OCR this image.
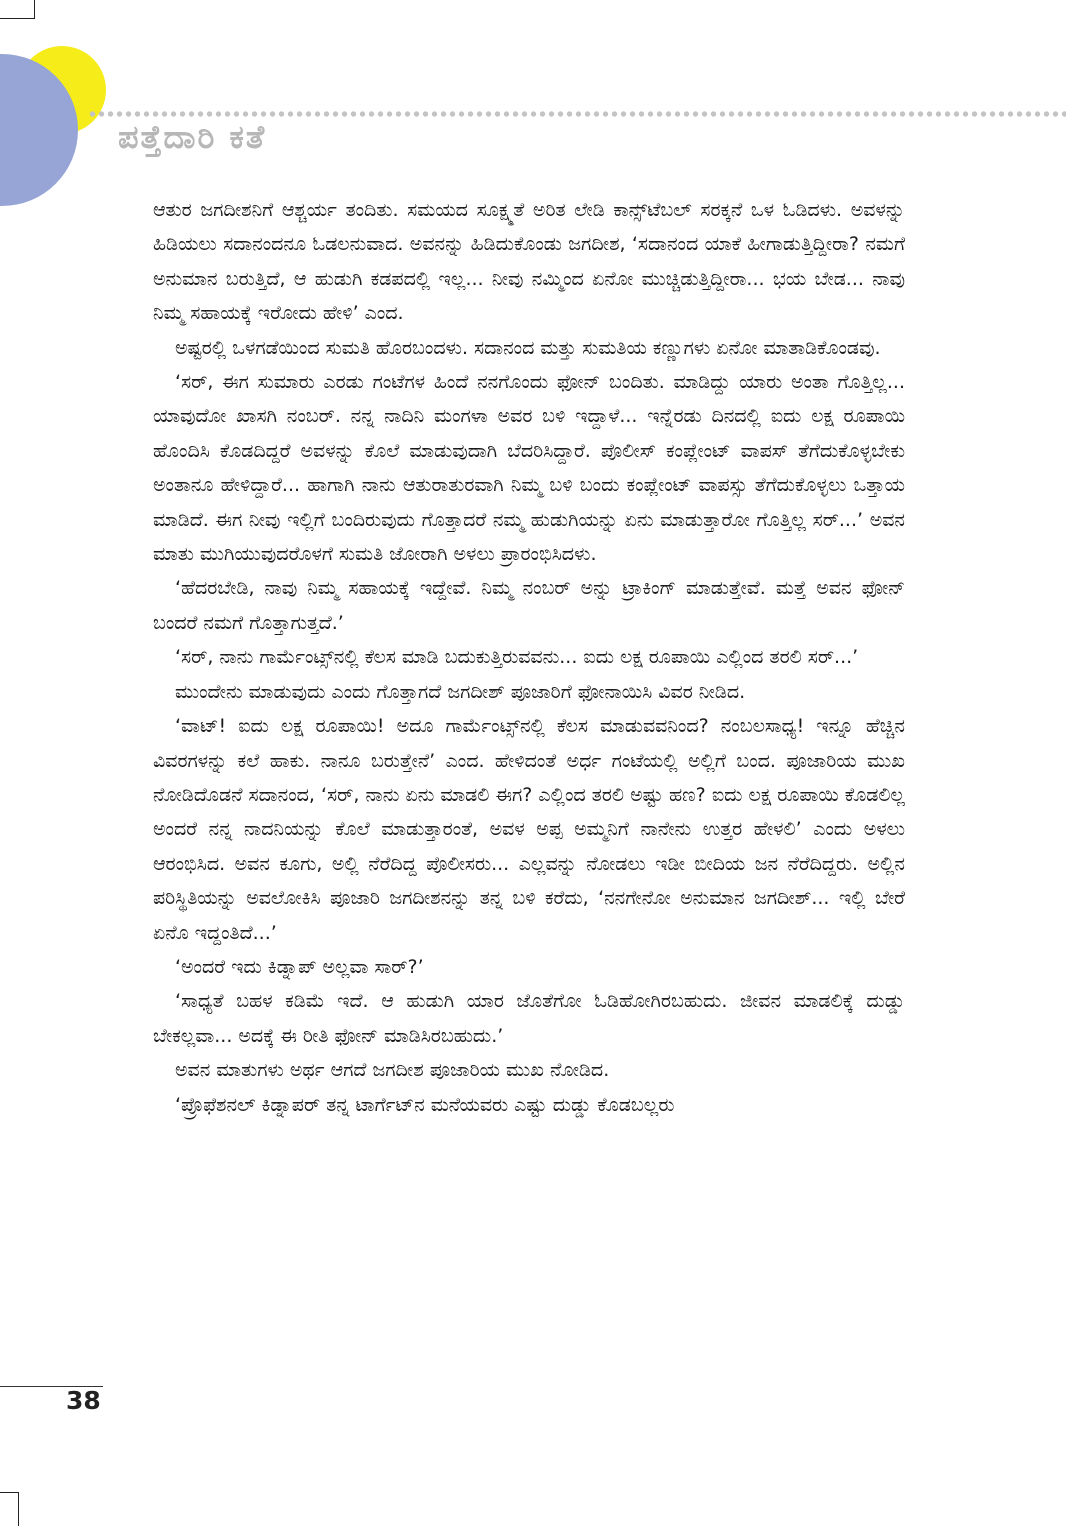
ಪತ್ತೆದಾರಿ ಕತೆ

ಆತುರ ಜಗದೀಶನಿಗೆ ಆಶ್ಚರ್ಯ ತಂದಿತು. ಸಮಯದ ಸೂಕ್ಷ್ಮತೆ ಅರಿತ ಲೇಡಿ ಕಾನ್ಸ್‌ಟೆಬಲ್ ಸರಕ್ಕನೆ ಒಳ ಓಡಿದಳು. ಅವಳನ್ನು ಹಿಡಿಯಲು ಸದಾನಂದನೂ ಓಡಲನುವಾದ. ಅವನನ್ನು ಹಿಡಿದುಕೊಂಡು ಜಗದೀಶ, ‘ಸದಾನಂದ ಯಾಕೆ ಹೀಗಾಡುತ್ತಿದ್ದೀರಾ? ನಮಗೆ ಅನುಮಾನ ಬರುತ್ತಿದೆ, ಆ ಹುಡುಗಿ ಕಡಪದಲ್ಲಿ ಇಲ್ಲ... ನೀವು ನಮ್ಮಿಂದ ಏನೋ ಮುಚ್ಚಿಡುತ್ತಿದ್ದೀರಾ... ಭಯ ಬೇಡ... ನಾವು ನಿಮ್ಮ ಸಹಾಯಕ್ಕೆ ಇರೋದು ಹೇಳಿ’ ಎಂದ.

ಅಷ್ಟರಲ್ಲಿ ಒಳಗಡೆಯಿಂದ ಸುಮತಿ ಹೊರಬಂದಳು. ಸದಾನಂದ ಮತ್ತು ಸುಮತಿಯ ಕಣ್ಣುಗಳು ಏನೋ ಮಾತಾಡಿಕೊಂಡವು.

‘ಸರ್, ಈಗ ಸುಮಾರು ಎರಡು ಗಂಟೆಗಳ ಹಿಂದೆ ನನಗೊಂದು ಫೋನ್ ಬಂದಿತು. ಮಾಡಿದ್ದು ಯಾರು ಅಂತಾ ಗೊತ್ತಿಲ್ಲ... ಯಾವುದೋ ಖಾಸಗಿ ನಂಬರ್. ನನ್ನ ನಾದಿನಿ ಮಂಗಳಾ ಅವರ ಬಳಿ ಇದ್ದಾಳೆ... ಇನ್ನೆರಡು ದಿನದಲ್ಲಿ ಐದು ಲಕ್ಷ ರೂಪಾಯಿ ಹೊಂದಿಸಿ ಕೊಡದಿದ್ದರೆ ಅವಳನ್ನು ಕೊಲೆ ಮಾಡುವುದಾಗಿ ಬೆದರಿಸಿದ್ದಾರೆ. ಪೊಲೀಸ್ ಕಂಪ್ಲೇಂಟ್ ವಾಪಸ್ ತೆಗೆದುಕೊಳ್ಳಬೇಕು ಅಂತಾನೂ ಹೇಳಿದ್ದಾರೆ... ಹಾಗಾಗಿ ನಾನು ಆತುರಾತುರವಾಗಿ ನಿಮ್ಮ ಬಳಿ ಬಂದು ಕಂಪ್ಲೇಂಟ್ ವಾಪಸ್ಸು ತೆಗೆದುಕೊಳ್ಳಲು ಒತ್ತಾಯ ಮಾಡಿದೆ. ಈಗ ನೀವು ಇಲ್ಲಿಗೆ ಬಂದಿರುವುದು ಗೊತ್ತಾದರೆ ನಮ್ಮ ಹುಡುಗಿಯನ್ನು ಏನು ಮಾಡುತ್ತಾರೋ ಗೊತ್ತಿಲ್ಲ ಸರ್...’ ಅವನ ಮಾತು ಮುಗಿಯುವುದರೊಳಗೆ ಸುಮತಿ ಜೋರಾಗಿ ಅಳಲು ಪ್ರಾರಂಭಿಸಿದಳು.

‘ಹೆದರಬೇಡಿ, ನಾವು ನಿಮ್ಮ ಸಹಾಯಕ್ಕೆ ಇದ್ದೇವೆ. ನಿಮ್ಮ ನಂಬರ್ ಅನ್ನು ಟ್ರಾಕಿಂಗ್ ಮಾಡುತ್ತೇವೆ. ಮತ್ತೆ ಅವನ ಫೋನ್ ಬಂದರೆ ನಮಗೆ ಗೊತ್ತಾಗುತ್ತದೆ.’

‘ಸರ್, ನಾನು ಗಾರ್ಮೆಂಟ್ಸ್‌ನಲ್ಲಿ ಕೆಲಸ ಮಾಡಿ ಬದುಕುತ್ತಿರುವವನು... ಐದು ಲಕ್ಷ ರೂಪಾಯಿ ಎಲ್ಲಿಂದ ತರಲಿ ಸರ್...’

ಮುಂದೇನು ಮಾಡುವುದು ಎಂದು ಗೊತ್ತಾಗದೆ ಜಗದೀಶ್ ಪೂಜಾರಿಗೆ ಫೋನಾಯಿಸಿ ವಿವರ ನೀಡಿದ.

‘ವಾಟ್! ಐದು ಲಕ್ಷ ರೂಪಾಯಿ! ಅದೂ ಗಾರ್ಮೆಂಟ್ಸ್‌ನಲ್ಲಿ ಕೆಲಸ ಮಾಡುವವನಿಂದ? ನಂಬಲಸಾಧ್ಯ! ಇನ್ನೂ ಹೆಚ್ಚಿನ ವಿವರಗಳನ್ನು ಕಲೆ ಹಾಕು. ನಾನೂ ಬರುತ್ತೇನೆ’ ಎಂದ. ಹೇಳಿದಂತೆ ಅರ್ಧ ಗಂಟೆಯಲ್ಲಿ ಅಲ್ಲಿಗೆ ಬಂದ. ಪೂಜಾರಿಯ ಮುಖ ನೋಡಿದೊಡನೆ ಸದಾನಂದ, ‘ಸರ್, ನಾನು ಏನು ಮಾಡಲಿ ಈಗ? ಎಲ್ಲಿಂದ ತರಲಿ ಅಷ್ಟು ಹಣ? ಐದು ಲಕ್ಷ ರೂಪಾಯಿ ಕೊಡಲಿಲ್ಲ ಅಂದರೆ ನನ್ನ ನಾದನಿಯನ್ನು ಕೊಲೆ ಮಾಡುತ್ತಾರಂತೆ, ಅವಳ ಅಪ್ಪ ಅಮ್ಮನಿಗೆ ನಾನೇನು ಉತ್ತರ ಹೇಳಲಿ’ ಎಂದು ಅಳಲು ಆರಂಭಿಸಿದ. ಅವನ ಕೂಗು, ಅಲ್ಲಿ ನೆರೆದಿದ್ದ ಪೊಲೀಸರು... ಎಲ್ಲವನ್ನು ನೋಡಲು ಇಡೀ ಬೀದಿಯ ಜನ ನೆರೆದಿದ್ದರು. ಅಲ್ಲಿನ ಪರಿಸ್ಥಿತಿಯನ್ನು ಅವಲೋಕಿಸಿ ಪೂಜಾರಿ ಜಗದೀಶನನ್ನು ತನ್ನ ಬಳಿ ಕರೆದು, ‘ನನಗೇನೋ ಅನುಮಾನ ಜಗದೀಶ್... ಇಲ್ಲಿ ಬೇರೆ ಏನೊ ಇದ್ದಂತಿದೆ...’

‘ಅಂದರೆ ಇದು ಕಿಡ್ನಾಪ್ ಅಲ್ಲವಾ ಸಾರ್?’

‘ಸಾಧ್ಯತೆ ಬಹಳ ಕಡಿಮೆ ಇದೆ. ಆ ಹುಡುಗಿ ಯಾರ ಜೊತೆಗೋ ಓಡಿಹೋಗಿರಬಹುದು. ಜೀವನ ಮಾಡಲಿಕ್ಕೆ ದುಡ್ಡು ಬೇಕಲ್ಲವಾ... ಅದಕ್ಕೆ ಈ ರೀತಿ ಫೋನ್ ಮಾಡಿಸಿರಬಹುದು.’

ಅವನ ಮಾತುಗಳು ಅರ್ಥ ಆಗದೆ ಜಗದೀಶ ಪೂಜಾರಿಯ ಮುಖ ನೋಡಿದ.

‘ಪ್ರೊಫೆಶನಲ್ ಕಿಡ್ನಾಪರ್ ತನ್ನ ಟಾರ್ಗೆಟ್‌ನ ಮನೆಯವರು ಎಷ್ಟು ದುಡ್ಡು ಕೊಡಬಲ್ಲರು

38
